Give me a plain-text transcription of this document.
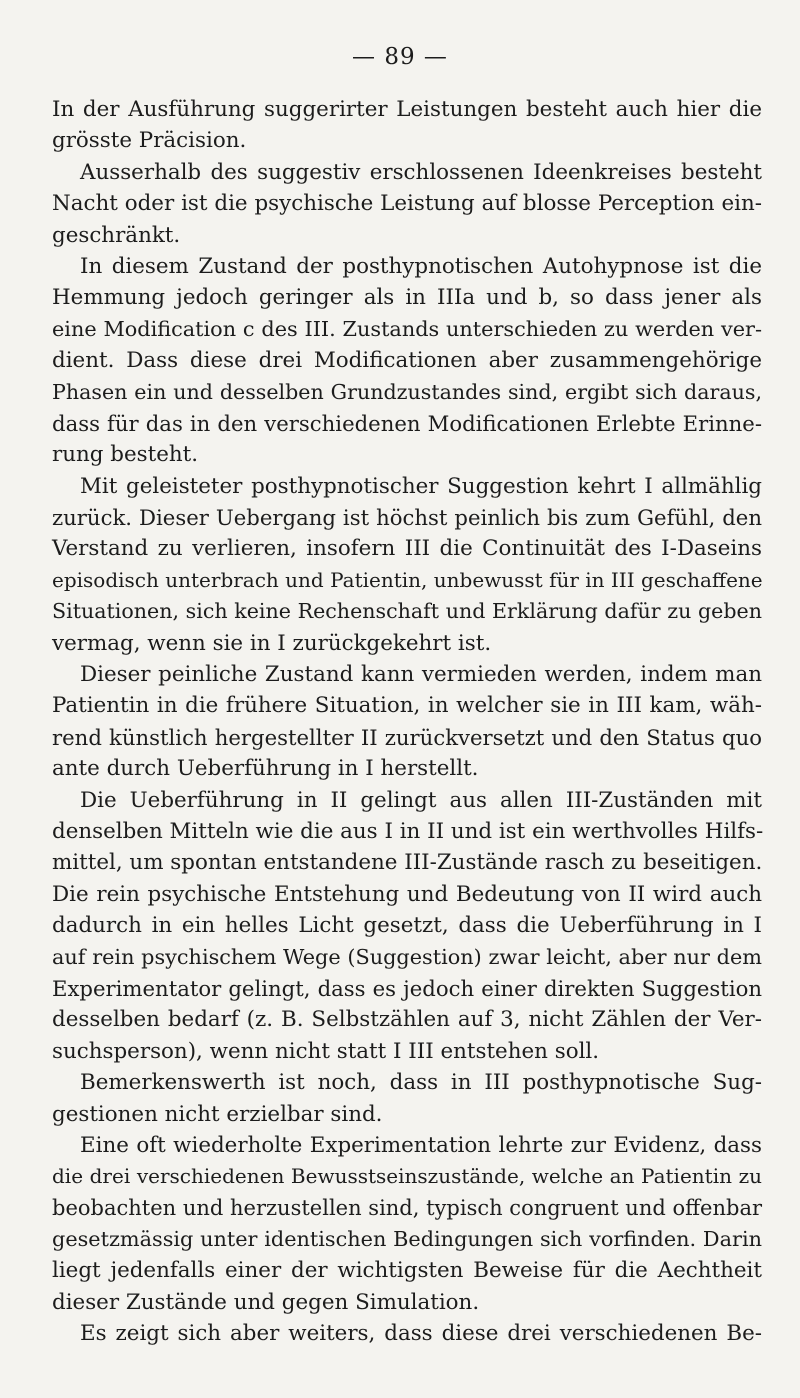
— 89 —
In der Ausführung suggerirter Leistungen besteht auch hier die
grösste Präcision.
Ausserhalb des suggestiv erschlossenen Ideenkreises besteht
Nacht oder ist die psychische Leistung auf blosse Perception ein-
geschränkt.
In diesem Zustand der posthypnotischen Autohypnose ist die
Hemmung jedoch geringer als in IIIa und b, so dass jener als
eine Modification c des III. Zustands unterschieden zu werden ver-
dient. Dass diese drei Modificationen aber zusammengehörige
Phasen ein und desselben Grundzustandes sind, ergibt sich daraus,
dass für das in den verschiedenen Modificationen Erlebte Erinne-
rung besteht.
Mit geleisteter posthypnotischer Suggestion kehrt I allmählig
zurück. Dieser Uebergang ist höchst peinlich bis zum Gefühl, den
Verstand zu verlieren, insofern III die Continuität des I-Daseins
episodisch unterbrach und Patientin, unbewusst für in III geschaffene
Situationen, sich keine Rechenschaft und Erklärung dafür zu geben
vermag, wenn sie in I zurückgekehrt ist.
Dieser peinliche Zustand kann vermieden werden, indem man
Patientin in die frühere Situation, in welcher sie in III kam, wäh-
rend künstlich hergestellter II zurückversetzt und den Status quo
ante durch Ueberführung in I herstellt.
Die Ueberführung in II gelingt aus allen III-Zuständen mit
denselben Mitteln wie die aus I in II und ist ein werthvolles Hilfs-
mittel, um spontan entstandene III-Zustände rasch zu beseitigen.
Die rein psychische Entstehung und Bedeutung von II wird auch
dadurch in ein helles Licht gesetzt, dass die Ueberführung in I
auf rein psychischem Wege (Suggestion) zwar leicht, aber nur dem
Experimentator gelingt, dass es jedoch einer direkten Suggestion
desselben bedarf (z. B. Selbstzählen auf 3, nicht Zählen der Ver-
suchsperson), wenn nicht statt I III entstehen soll.
Bemerkenswerth ist noch, dass in III posthypnotische Sug-
gestionen nicht erzielbar sind.
Eine oft wiederholte Experimentation lehrte zur Evidenz, dass
die drei verschiedenen Bewusstseinszustände, welche an Patientin zu
beobachten und herzustellen sind, typisch congruent und offenbar
gesetzmässig unter identischen Bedingungen sich vorfinden. Darin
liegt jedenfalls einer der wichtigsten Beweise für die Aechtheit
dieser Zustände und gegen Simulation.
Es zeigt sich aber weiters, dass diese drei verschiedenen Be-
